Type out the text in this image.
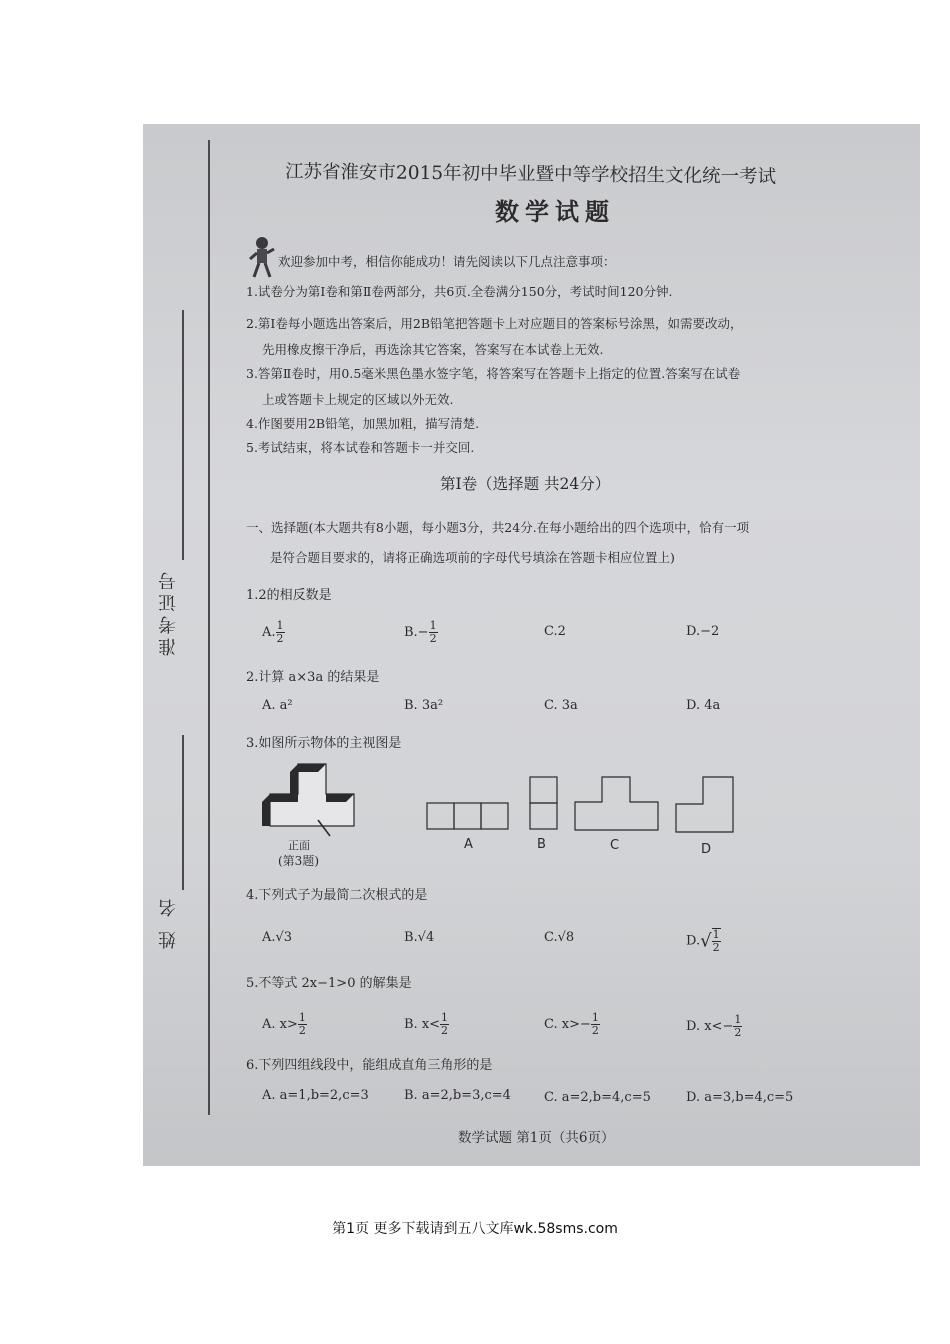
准考证号
姓 名
江苏省淮安市2015年初中毕业暨中等学校招生文化统一考试
数学试题
欢迎参加中考，相信你能成功！请先阅读以下几点注意事项：
1.试卷分为第Ⅰ卷和第Ⅱ卷两部分，共6页.全卷满分150分，考试时间120分钟.
2.第Ⅰ卷每小题选出答案后，用2B铅笔把答题卡上对应题目的答案标号涂黑，如需要改动，
先用橡皮擦干净后，再选涂其它答案，答案写在本试卷上无效.
3.答第Ⅱ卷时，用0.5毫米黑色墨水签字笔，将答案写在答题卡上指定的位置.答案写在试卷
上或答题卡上规定的区域以外无效.
4.作图要用2B铅笔，加黑加粗，描写清楚.
5.考试结束，将本试卷和答题卡一并交回.
第Ⅰ卷（选择题 共24分）
一、选择题(本大题共有8小题，每小题3分，共24分.在每小题给出的四个选项中，恰有一项
是符合题目要求的，请将正确选项前的字母代号填涂在答题卡相应位置上)
1.2的相反数是
A. $\frac{1}{2}$	$B.- \frac{1}{2}$	C.2	D.−2
2.计算 a×3a 的结果是
A. a²	B. 3a²	C. 3a	D. 4a
3.如图所示物体的主视图是
正面
(第3题)
A	B	C	D
4.下列式子为最简二次根式的是
A.√3	B.√4	C.√8	$D.√ \frac{1}{2}$
5.不等式 2x−1>0 的解集是
A. $x> \frac{1}{2}$	B. $x< \frac{1}{2}$	C. $x>- \frac{1}{2}$	D. $x<- \frac{1}{2}$
6.下列四组线段中，能组成直角三角形的是
A. a=1,b=2,c=3	B. a=2,b=3,c=4	C. a=2,b=4,c=5	D. a=3,b=4,c=5
数学试题 第1页（共6页）
第1页 更多下载请到五八文库wk.58sms.com
